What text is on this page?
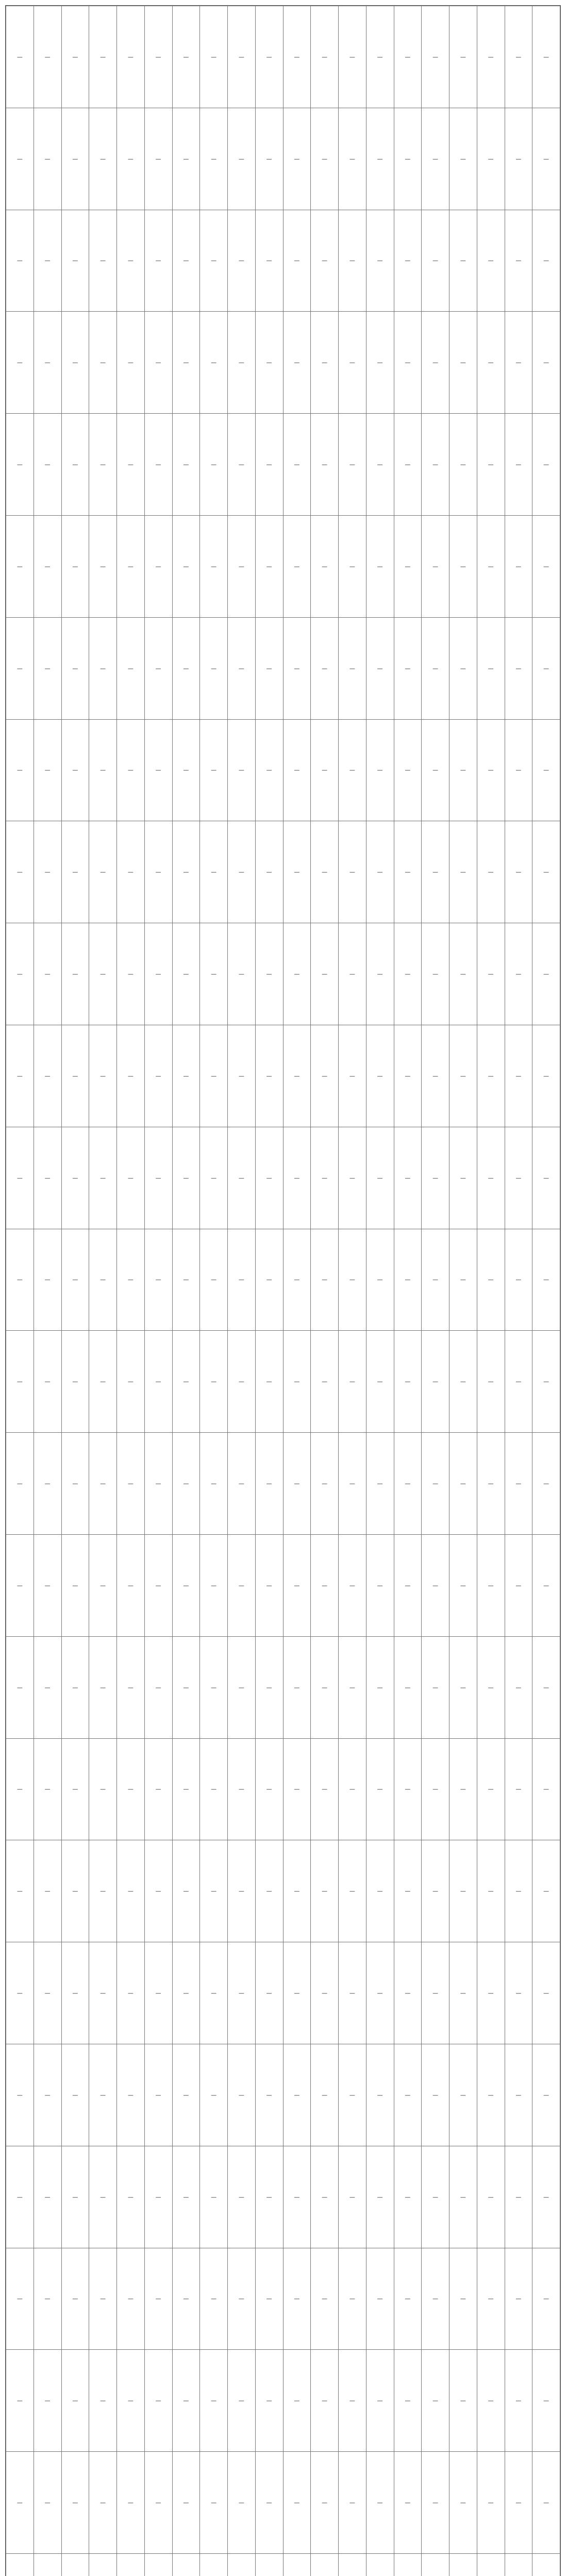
—	—	—	—	—	—	—	—	—	—	—	—	—	—	—	—	—	—	—	—
—	—	—	—	—	—	—	—	—	—	—	—	—	—	—	—	—	—	—	—
—	—	—	—	—	—	—	—	—	—	—	—	—	—	—	—	—	—	—	—
—	—	—	—	—	—	—	—	—	—	—	—	—	—	—	—	—	—	—	—
—	—	—	—	—	—	—	—	—	—	—	—	—	—	—	—	—	—	—	—
—	—	—	—	—	—	—	—	—	—	—	—	—	—	—	—	—	—	—	—
—	—	—	—	—	—	—	—	—	—	—	—	—	—	—	—	—	—	—	—
—	—	—	—	—	—	—	—	—	—	—	—	—	—	—	—	—	—	—	—
—	—	—	—	—	—	—	—	—	—	—	—	—	—	—	—	—	—	—	—
—	—	—	—	—	—	—	—	—	—	—	—	—	—	—	—	—	—	—	—
—	—	—	—	—	—	—	—	—	—	—	—	—	—	—	—	—	—	—	—
—	—	—	—	—	—	—	—	—	—	—	—	—	—	—	—	—	—	—	—
—	—	—	—	—	—	—	—	—	—	—	—	—	—	—	—	—	—	—	—
—	—	—	—	—	—	—	—	—	—	—	—	—	—	—	—	—	—	—	—
—	—	—	—	—	—	—	—	—	—	—	—	—	—	—	—	—	—	—	—
—	—	—	—	—	—	—	—	—	—	—	—	—	—	—	—	—	—	—	—
—	—	—	—	—	—	—	—	—	—	—	—	—	—	—	—	—	—	—	—
—	—	—	—	—	—	—	—	—	—	—	—	—	—	—	—	—	—	—	—
—	—	—	—	—	—	—	—	—	—	—	—	—	—	—	—	—	—	—	—
—	—	—	—	—	—	—	—	—	—	—	—	—	—	—	—	—	—	—	—
—	—	—	—	—	—	—	—	—	—	—	—	—	—	—	—	—	—	—	—
—	—	—	—	—	—	—	—	—	—	—	—	—	—	—	—	—	—	—	—
—	—	—	—	—	—	—	—	—	—	—	—	—	—	—	—	—	—	—	—
—	—	—	—	—	—	—	—	—	—	—	—	—	—	—	—	—	—	—	—
—	—	—	—	—	—	—	—	—	—	—	—	—	—	—	—	—	—	—	—
